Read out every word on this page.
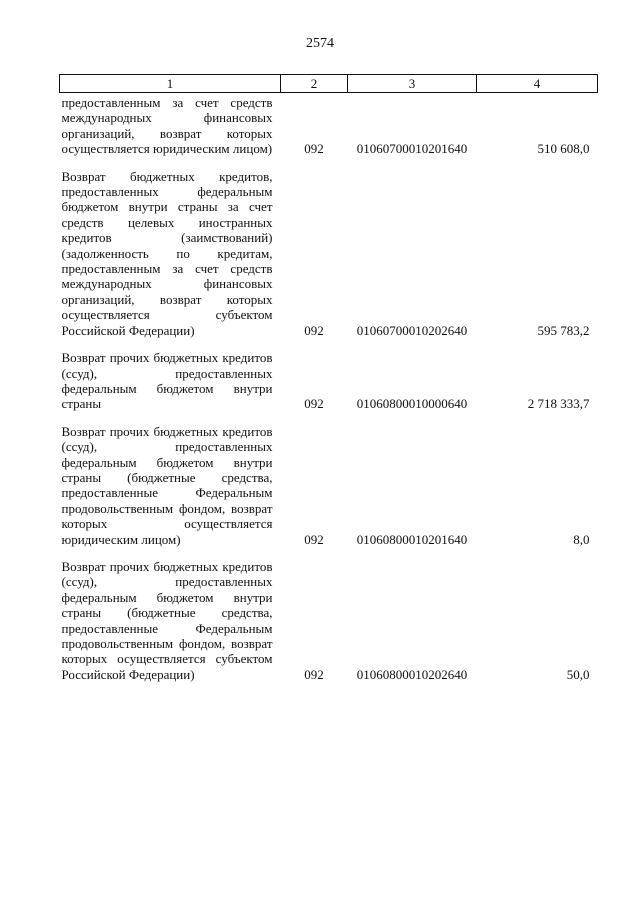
2574
1	2	3	4
предоставленным за счет средств международных финансовых организаций, возврат которых осуществляется юридическим лицом)	092	01060700010201640	510 608,0
Возврат бюджетных кредитов, предоставленных федеральным бюджетом внутри страны за счет средств целевых иностранных кредитов (заимствований) (задолженность по кредитам, предоставленным за счет средств международных финансовых организаций, возврат которых осуществляется субъектом Российской Федерации)	092	01060700010202640	595 783,2
Возврат прочих бюджетных кредитов (ссуд), предоставленных федеральным бюджетом внутри страны	092	01060800010000640	2 718 333,7
Возврат прочих бюджетных кредитов (ссуд), предоставленных федеральным бюджетом внутри страны (бюджетные средства, предоставленные Федеральным продовольственным фондом, возврат которых осуществляется юридическим лицом)	092	01060800010201640	8,0
Возврат прочих бюджетных кредитов (ссуд), предоставленных федеральным бюджетом внутри страны (бюджетные средства, предоставленные Федеральным продовольственным фондом, возврат которых осуществляется субъектом Российской Федерации)	092	01060800010202640	50,0
